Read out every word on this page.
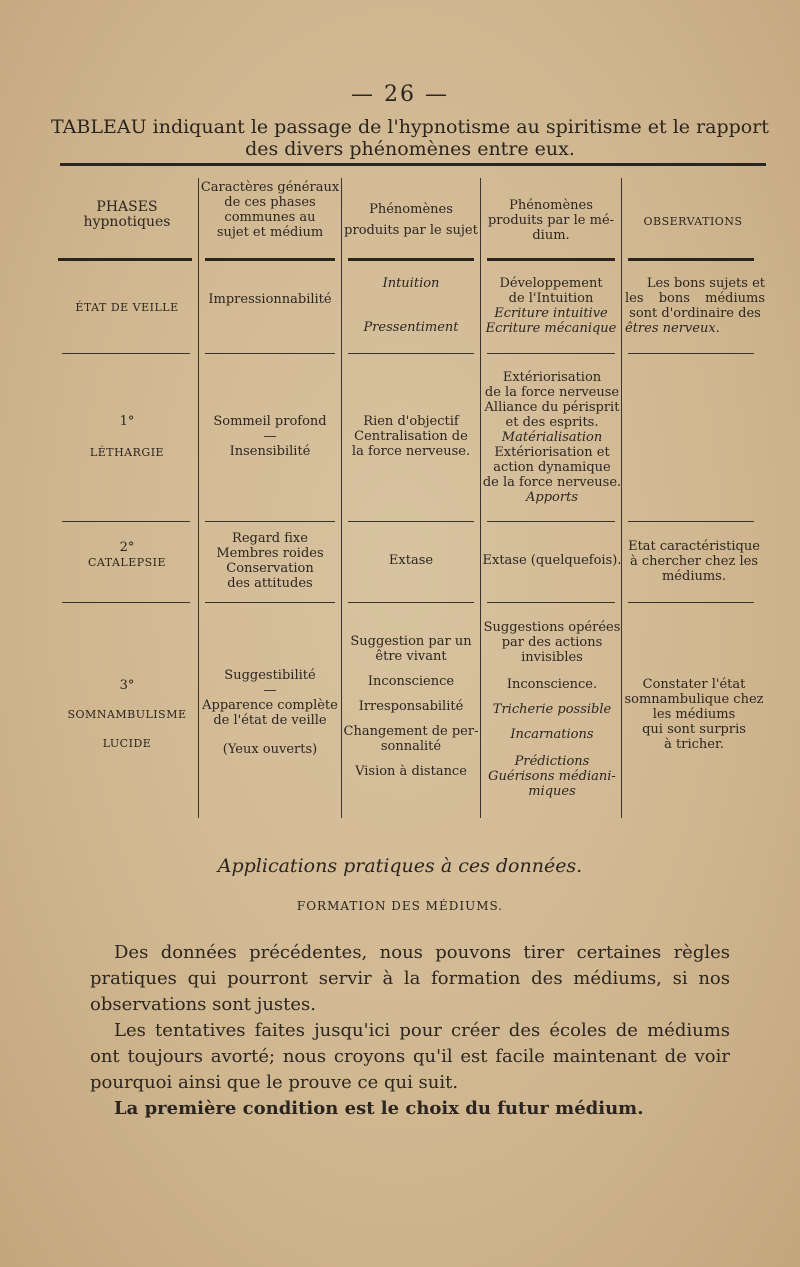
— 26 —
TABLEAU indiquant le passage de l'hypnotisme au spiritisme et le rapport des divers phénomènes entre eux.
PHASES
hypnotiques
Caractères généraux
de ces phases
communes au
sujet et médium
Phénomènes
produits par le sujet
Phénomènes
produits par le mé-
dium.
OBSERVATIONS
ÉTAT DE VEILLE
Impressionnabilité
Intuition
Pressentiment
Développement
de l'Intuition
Ecriture intuitive
Ecriture mécanique
Les bons sujets et
les bons médiums
sont d'ordinaire des
êtres nerveux.
1°
LÉTHARGIE
Sommeil profond
—
Insensibilité
Rien d'objectif
Centralisation de
la force nerveuse.
Extériorisation
de la force nerveuse
Alliance du périsprit
et des esprits.
Matérialisation
Extériorisation et
action dynamique
de la force nerveuse.
Apports
2°
CATALEPSIE
Regard fixe
Membres roides
Conservation
des attitudes
Extase	Extase (quelquefois).
Etat caractéristique
à chercher chez les
médiums.
3°
SOMNAMBULISME
LUCIDE
Suggestibilité
—
Apparence complète
de l'état de veille
(Yeux ouverts)
Suggestion par un
être vivant
Inconscience
Irresponsabilité
Changement de per-
sonnalité
Vision à distance
Suggestions opérées
par des actions
invisibles
Inconscience.
Tricherie possible
Incarnations
Prédictions
Guérisons médiani-
miques
Constater l'état
somnambulique chez
les médiums
qui sont surpris
à tricher.
Applications pratiques à ces données.
FORMATION DES MÉDIUMS.

Des données précédentes, nous pouvons tirer certaines règles pratiques qui pourront servir à la formation des médiums, si nos observations sont justes.

Les tentatives faites jusqu'ici pour créer des écoles de médiums ont toujours avorté; nous croyons qu'il est facile maintenant de voir pourquoi ainsi que le prouve ce qui suit.

La première condition est le choix du futur médium.
